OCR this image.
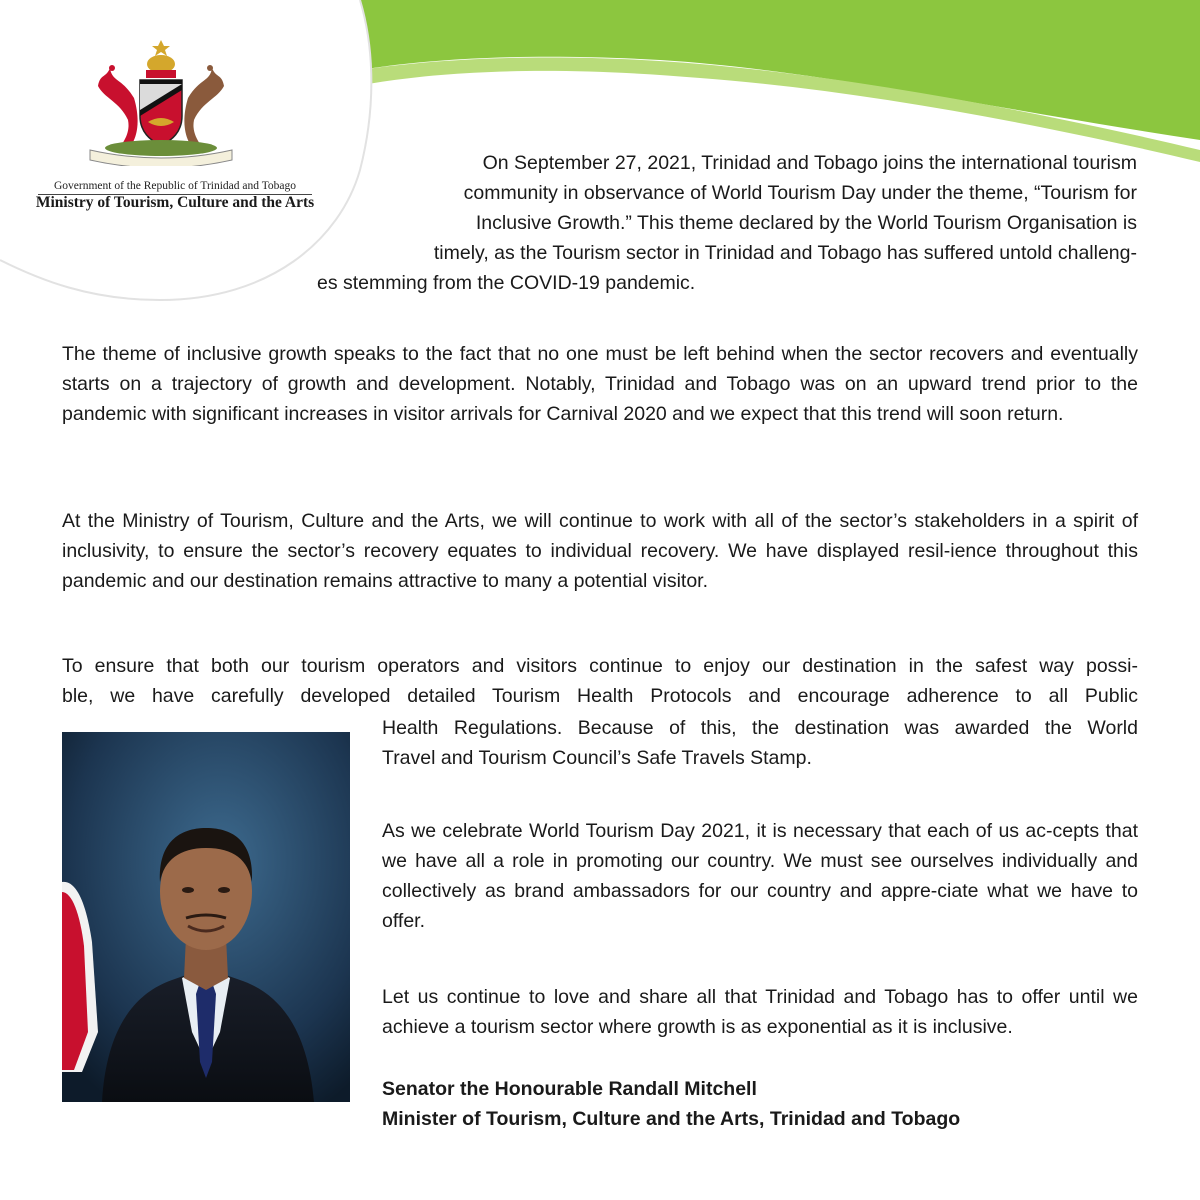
Government of the Republic of Trinidad and Tobago
Ministry of Tourism, Culture and the Arts
On September 27, 2021, Trinidad and Tobago joins the international tourism
community in observance of World Tourism Day under the theme, “Tourism for
Inclusive Growth.” This theme declared by the World Tourism Organisation is
timely, as the Tourism sector in Trinidad and Tobago has suffered untold challeng-
es stemming from the COVID-19 pandemic.
The theme of inclusive growth speaks to the fact that no one must be left behind when the sector recovers and eventually starts on a trajectory of growth and development. Notably, Trinidad and Tobago was on an upward trend prior to the pandemic with significant increases in visitor arrivals for Carnival 2020 and we expect that this trend will soon return.
At the Ministry of Tourism, Culture and the Arts, we will continue to work with all of the sector’s stakeholders in a spirit of inclusivity, to ensure the sector’s recovery equates to individual recovery. We have displayed resil-ience throughout this pandemic and our destination remains attractive to many a potential visitor.
To ensure that both our tourism operators and visitors continue to enjoy our destination in the safest way possi-
ble, we have carefully developed detailed Tourism Health Protocols and encourage adherence to all Public
Health Regulations. Because of this, the destination was awarded the World
Travel and Tourism Council’s Safe Travels Stamp.
As we celebrate World Tourism Day 2021, it is necessary that each of us ac-cepts that we have all a role in promoting our country. We must see ourselves individually and collectively as brand ambassadors for our country and appre-ciate what we have to offer.
Let us continue to love and share all that Trinidad and Tobago has to offer until we achieve a tourism sector where growth is as exponential as it is inclusive.
Senator the Honourable Randall Mitchell
Minister of Tourism, Culture and the Arts, Trinidad and Tobago
